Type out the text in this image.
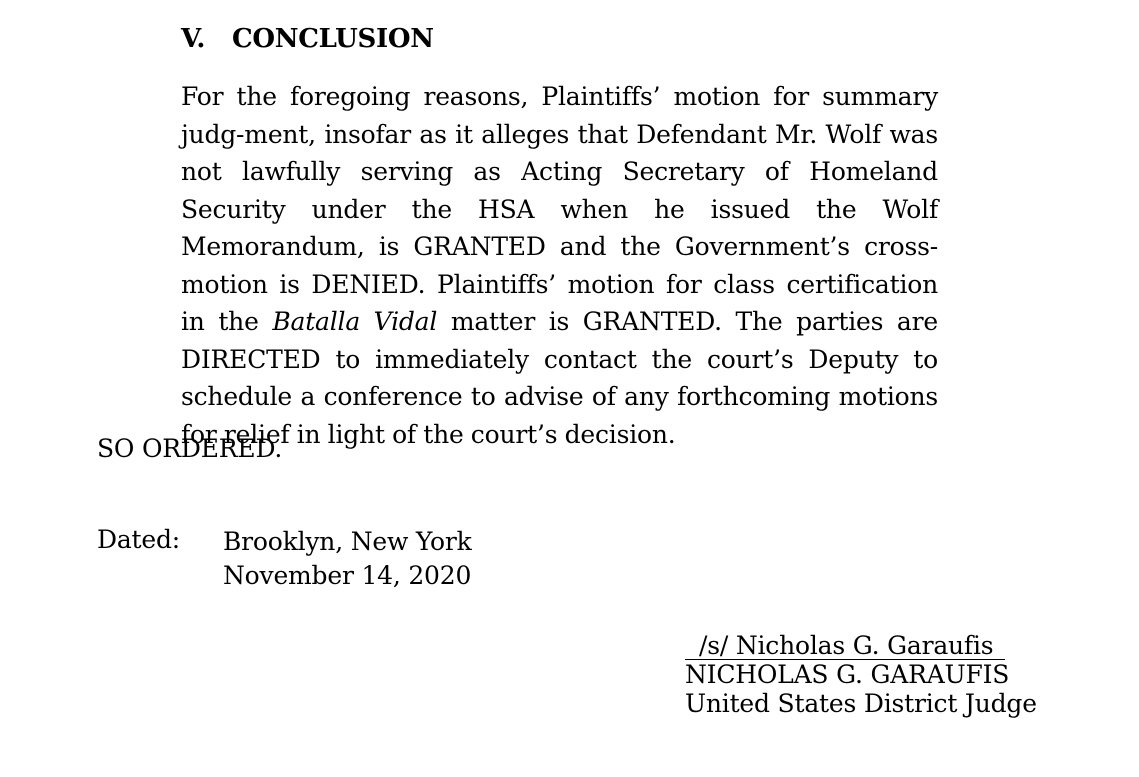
V. CONCLUSION

For the foregoing reasons, Plaintiffs’ motion for summary judg-ment, insofar as it alleges that Defendant Mr. Wolf was not lawfully serving as Acting Secretary of Homeland Security under the HSA when he issued the Wolf Memorandum, is GRANTED and the Government’s cross-motion is DENIED. Plaintiffs’ motion for class certification in the Batalla Vidal matter is GRANTED. The parties are DIRECTED to immediately contact the court’s Deputy to schedule a conference to advise of any forthcoming motions for relief in light of the court’s decision.

SO ORDERED.
Dated: Brooklyn, New York
November 14, 2020
/s/ Nicholas G. Garaufis
NICHOLAS G. GARAUFIS
United States District Judge
